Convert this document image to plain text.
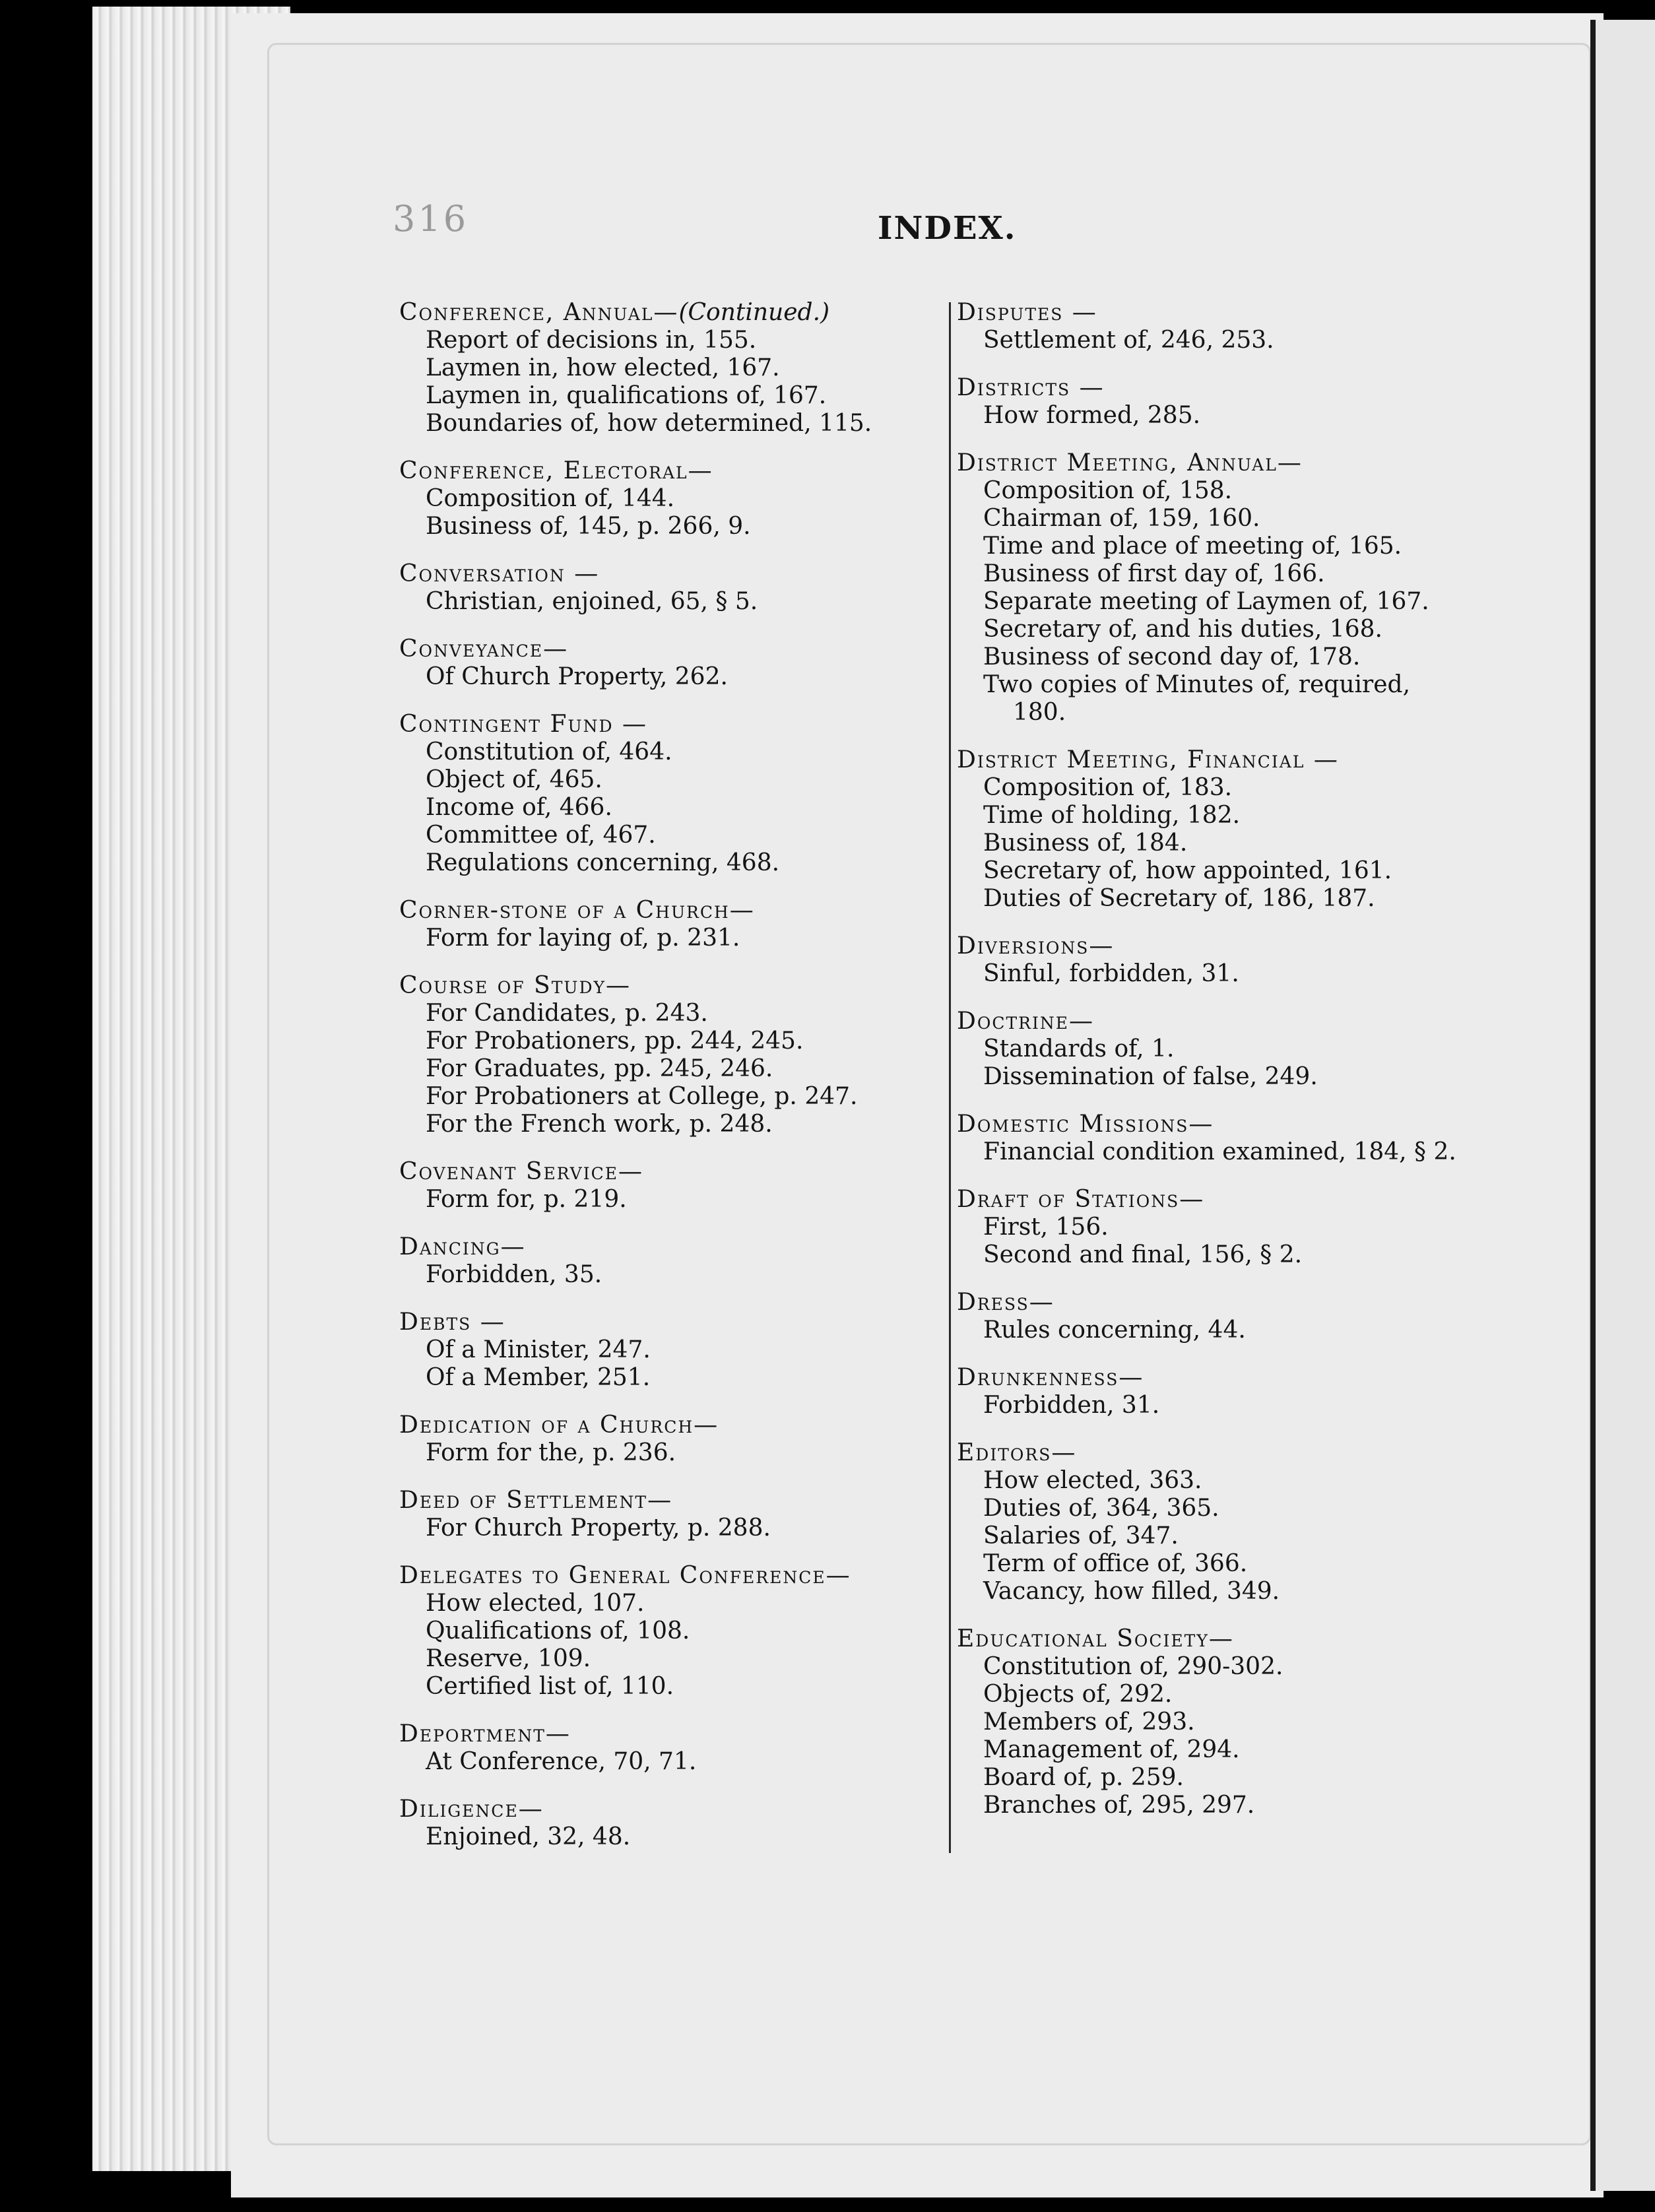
316	INDEX.
Conference, Annual—(Continued.)
Report of decisions in, 155.
Laymen in, how elected, 167.
Laymen in, qualifications of, 167.
Boundaries of, how determined, 115.
Conference, Electoral—
Composition of, 144.
Business of, 145, p. 266, 9.
Conversation —
Christian, enjoined, 65, § 5.
Conveyance—
Of Church Property, 262.
Contingent Fund —
Constitution of, 464.
Object of, 465.
Income of, 466.
Committee of, 467.
Regulations concerning, 468.
Corner-stone of a Church—
Form for laying of, p. 231.
Course of Study—
For Candidates, p. 243.
For Probationers, pp. 244, 245.
For Graduates, pp. 245, 246.
For Probationers at College, p. 247.
For the French work, p. 248.
Covenant Service—
Form for, p. 219.
Dancing—
Forbidden, 35.
Debts —
Of a Minister, 247.
Of a Member, 251.
Dedication of a Church—
Form for the, p. 236.
Deed of Settlement—
For Church Property, p. 288.
Delegates to General Conference—
How elected, 107.
Qualifications of, 108.
Reserve, 109.
Certified list of, 110.
Deportment—
At Conference, 70, 71.
Diligence—
Enjoined, 32, 48.
Disputes —
Settlement of, 246, 253.
Districts —
How formed, 285.
District Meeting, Annual—
Composition of, 158.
Chairman of, 159, 160.
Time and place of meeting of, 165.
Business of first day of, 166.
Separate meeting of Laymen of, 167.
Secretary of, and his duties, 168.
Business of second day of, 178.
Two copies of Minutes of, required,
180.
District Meeting, Financial —
Composition of, 183.
Time of holding, 182.
Business of, 184.
Secretary of, how appointed, 161.
Duties of Secretary of, 186, 187.
Diversions—
Sinful, forbidden, 31.
Doctrine—
Standards of, 1.
Dissemination of false, 249.
Domestic Missions—
Financial condition examined, 184, § 2.
Draft of Stations—
First, 156.
Second and final, 156, § 2.
Dress—
Rules concerning, 44.
Drunkenness—
Forbidden, 31.
Editors—
How elected, 363.
Duties of, 364, 365.
Salaries of, 347.
Term of office of, 366.
Vacancy, how filled, 349.
Educational Society—
Constitution of, 290-302.
Objects of, 292.
Members of, 293.
Management of, 294.
Board of, p. 259.
Branches of, 295, 297.
